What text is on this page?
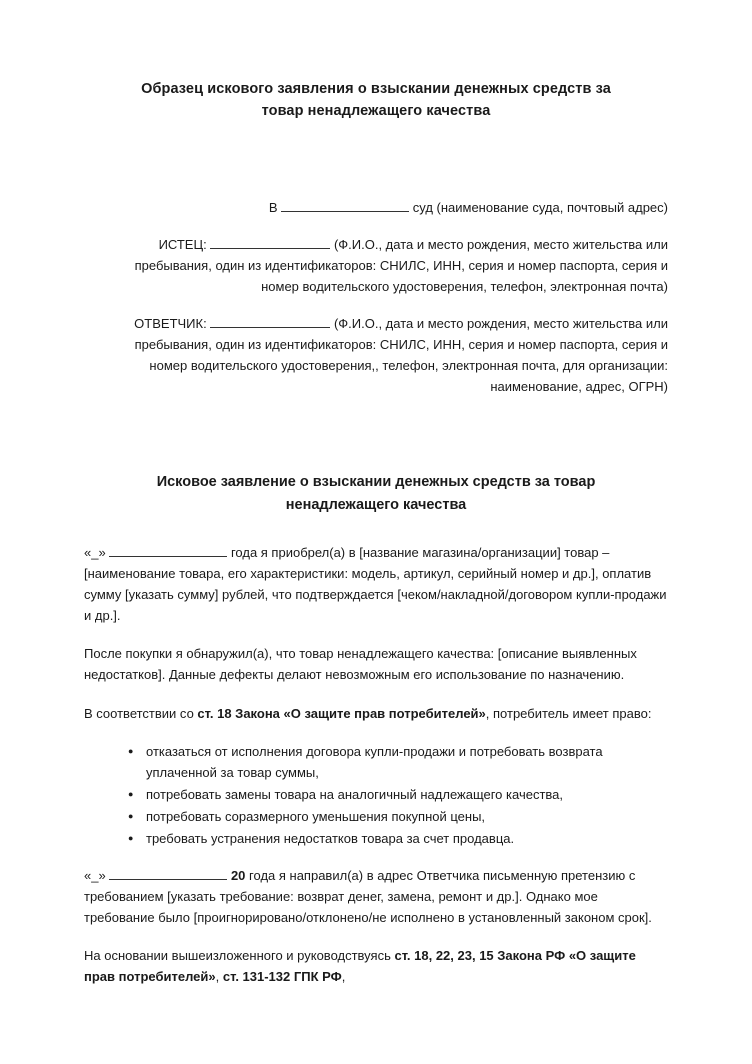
Образец искового заявления о взыскании денежных средств за
товар ненадлежащего качества
В	суд (наименование суда, почтовый адрес)
ИСТЕЦ:	(Ф.И.О., дата и место рождения, место жительства или
пребывания, один из идентификаторов: СНИЛС, ИНН, серия и номер паспорта, серия и
номер водительского удостоверения, телефон, электронная почта)
ОТВЕТЧИК:	(Ф.И.О., дата и место рождения, место жительства или
пребывания, один из идентификаторов: СНИЛС, ИНН, серия и номер паспорта, серия и
номер водительского удостоверения,, телефон, электронная почта, для организации:
наименование, адрес, ОГРН)
Исковое заявление о взыскании денежных средств за товар
ненадлежащего качества

«_»	года я приобрел(а) в [название магазина/организации] товар – [наименование товара, его характеристики: модель, артикул, серийный номер и др.], оплатив сумму [указать сумму] рублей, что подтверждается [чеком/накладной/договором купли-продажи и др.].

После покупки я обнаружил(а), что товар ненадлежащего качества: [описание выявленных недостатков]. Данные дефекты делают невозможным его использование по назначению.

В соответствии со ст. 18 Закона «О защите прав потребителей», потребитель имеет право:

● отказаться от исполнения договора купли-продажи и потребовать возврата уплаченной за товар суммы,
● потребовать замены товара на аналогичный надлежащего качества,
● потребовать соразмерного уменьшения покупной цены,
● требовать устранения недостатков товара за счет продавца.

«_»	20 года я направил(а) в адрес Ответчика письменную претензию с требованием [указать требование: возврат денег, замена, ремонт и др.]. Однако мое требование было [проигнорировано/отклонено/не исполнено в установленный законом срок].

На основании вышеизложенного и руководствуясь ст. 18, 22, 23, 15 Закона РФ «О защите прав потребителей», ст. 131-132 ГПК РФ,
